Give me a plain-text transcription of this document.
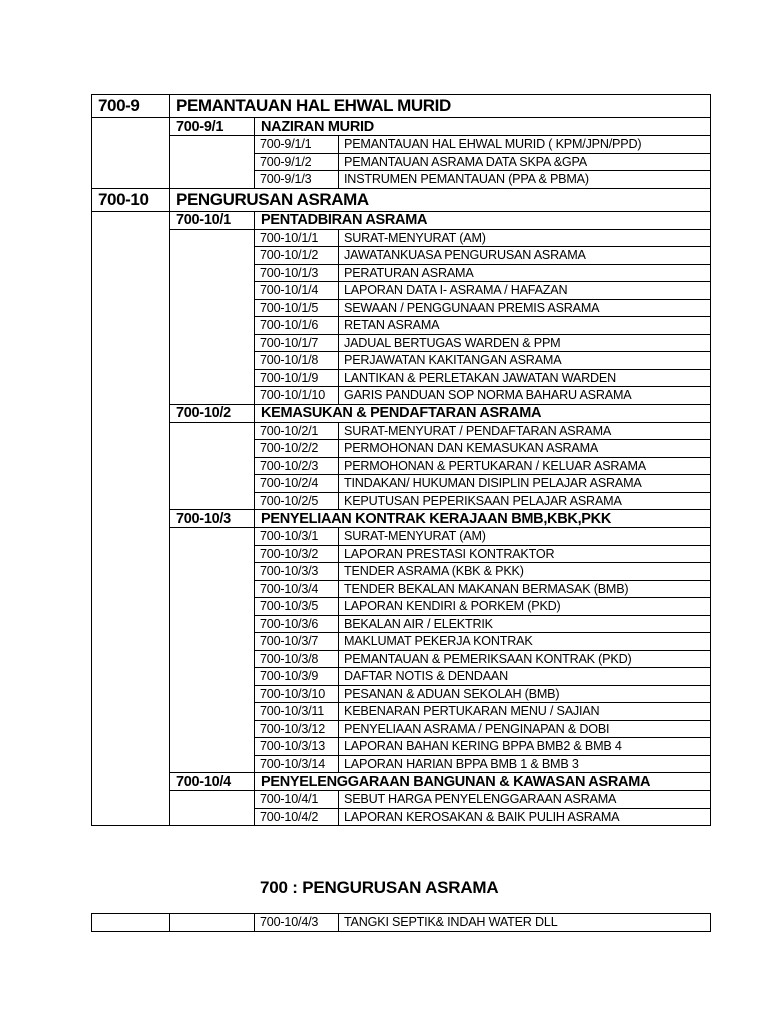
700-9	PEMANTAUAN HAL EHWAL MURID		
	700-9/1	NAZIRAN MURID	
		700-9/1/1	PEMANTAUAN HAL EHWAL MURID ( KPM/JPN/PPD)
		700-9/1/2	PEMANTAUAN ASRAMA DATA SKPA &GPA
		700-9/1/3	INSTRUMEN PEMANTAUAN (PPA & PBMA)
700-10	PENGURUSAN ASRAMA		
	700-10/1	PENTADBIRAN ASRAMA	
		700-10/1/1	SURAT-MENYURAT (AM)
		700-10/1/2	JAWATANKUASA PENGURUSAN ASRAMA
		700-10/1/3	PERATURAN ASRAMA
		700-10/1/4	LAPORAN DATA I- ASRAMA / HAFAZAN
		700-10/1/5	SEWAAN / PENGGUNAAN PREMIS ASRAMA
		700-10/1/6	RETAN ASRAMA
		700-10/1/7	JADUAL BERTUGAS WARDEN & PPM
		700-10/1/8	PERJAWATAN KAKITANGAN ASRAMA
		700-10/1/9	LANTIKAN & PERLETAKAN JAWATAN WARDEN
		700-10/1/10	GARIS PANDUAN SOP NORMA BAHARU ASRAMA
	700-10/2	KEMASUKAN & PENDAFTARAN ASRAMA	
		700-10/2/1	SURAT-MENYURAT / PENDAFTARAN ASRAMA
		700-10/2/2	PERMOHONAN DAN KEMASUKAN ASRAMA
		700-10/2/3	PERMOHONAN & PERTUKARAN / KELUAR ASRAMA
		700-10/2/4	TINDAKAN/ HUKUMAN DISIPLIN PELAJAR ASRAMA
		700-10/2/5	KEPUTUSAN PEPERIKSAAN PELAJAR ASRAMA
	700-10/3	PENYELIAAN KONTRAK KERAJAAN BMB,KBK,PKK	
		700-10/3/1	SURAT-MENYURAT (AM)
		700-10/3/2	LAPORAN PRESTASI KONTRAKTOR
		700-10/3/3	TENDER ASRAMA (KBK & PKK)
		700-10/3/4	TENDER BEKALAN MAKANAN BERMASAK (BMB)
		700-10/3/5	LAPORAN KENDIRI & PORKEM (PKD)
		700-10/3/6	BEKALAN AIR / ELEKTRIK
		700-10/3/7	MAKLUMAT PEKERJA KONTRAK
		700-10/3/8	PEMANTAUAN & PEMERIKSAAN KONTRAK (PKD)
		700-10/3/9	DAFTAR NOTIS & DENDAAN
		700-10/3/10	PESANAN & ADUAN SEKOLAH (BMB)
		700-10/3/11	KEBENARAN PERTUKARAN MENU / SAJIAN
		700-10/3/12	PENYELIAAN ASRAMA / PENGINAPAN & DOBI
		700-10/3/13	LAPORAN BAHAN KERING BPPA BMB2 & BMB 4
		700-10/3/14	LAPORAN HARIAN BPPA BMB 1 & BMB 3
	700-10/4	PENYELENGGARAAN BANGUNAN & KAWASAN ASRAMA	
		700-10/4/1	SEBUT HARGA PENYELENGGARAAN ASRAMA
		700-10/4/2	LAPORAN KEROSAKAN & BAIK PULIH ASRAMA
700 : PENGURUSAN ASRAMA
		700-10/4/3	TANGKI SEPTIK& INDAH WATER DLL
